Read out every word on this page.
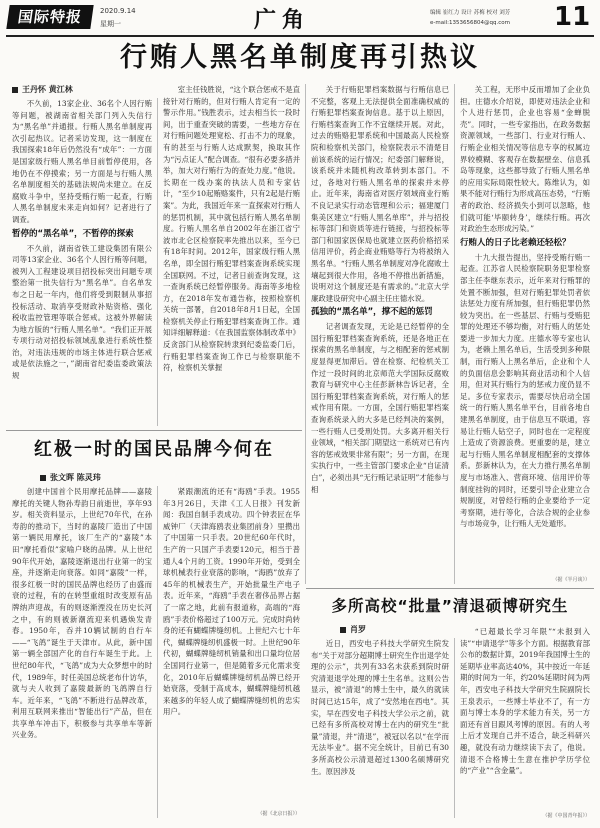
国际特报	2020.9.14
星期一	广角	编辑 崔红力 设计 苏梅 校对 刘芳
e-mail:1353656804@qq.com 11
行贿人黑名单制度再引热议
王丹怀 黄江林

不久前，13家企业、36名个人因行贿等问题，被湖南省相关部门列入失信行为“黑名单”并通报。行贿人黑名单制度再次引起热议。记者采访发现，这一制度在我国探索18年后仍然没有“成年”：一方面是国家级行贿人黑名单目前暂停使用，各地仍在不停摸索；另一方面是与行贿人黑名单制度相关的基础法规尚未建立。在反腐败斗争中，坚持受贿行贿一起查，行贿人黑名单制度未来走向如何？记者进行了调查。

暂停的“黑名单”，不暂停的探索

不久前，湖南省铁工建设集团有限公司等13家企业、36名个人因行贿等问题，被列入工程建设项目招投标突出问题专项整治第一批失信行为“黑名单”。自名单发布之日起一年内，他们将受到限制从事招投标活动、取消享受财政补贴资格、强化税收监控管理等联合惩戒。这被外界解读为地方版的“行贿人黑名单”。“我们正开展专项行动对招投标领域乱象进行系统性整治，对违法违规的市场主体进行联合惩戒或是依法施之一，”湖南省纪委监委政策法规

室主任钱胜说，“这个联合惩戒不是直接针对行贿的，但对行贿人肯定有一定的警示作用。”钱胜表示，过去相当长一段时间，出于重查突破的需要，一些地方存在对行贿问题处理宽松、打击不力的现象，有的甚至与行贿人达成默契，换取其作为“污点证人”配合调查。“很有必要多措并举，加大对行贿行为的查处力度。”他说。长期在一线办案的执法人员和专家估计，“至少10起贿赂案件，只有2起是行贿案”。为此，我国近年来一直探索对行贿人的惩罚机制，其中就包括行贿人黑名单制度。行贿人黑名单自2002年在浙江省宁波市北仑区检察院率先推出以来，至今已有18年时间。2012年，国家级行贿人黑名单，即全国行贿犯罪档案查询系统实现全国联网。不过，记者日前查询发现，这一查询系统已经暂停服务。海南等多地检方，在2018年发布通告称，按照检察机关统一部署，自2018年8月1日起，全国检察机关停止行贿犯罪档案查询工作。通知详细解释道：《在我国监察体制改革中》反贪部门从检察院转隶到纪委监委门后，行贿犯罪档案查询工作已与检察职能不符，检察机关掌握

关于行贿犯罪档案数据与行贿信息已不完整，客观上无法提供全面准确权威的行贿犯罪档案查询信息。基于以上原因，行贿档案查询工作不宜继续开展。对此，过去的贿赂犯罪系统和中国最高人民检察院和检察机关部门，检察院表示不清楚目前该系统的运行情况；纪委部门解释说，该系统并未随机构改革转到本部门。不过，各地对行贿人黑名单的探索并未停止。近年来，海南省对医疗领域商业行贿不良记录实行动态管理和公示；福建厦门集美区建立“行贿人黑名单库”，并与招投标等部门和资质等进行链接，与招投标等部门和国家医保局也就建立医药价格招采信用评价，药企商业贿赂等行为将被纳入黑名单。“行贿人黑名单制度对净化腐败土壤起到很大作用，各地不停推出新措施，说明对这个制度还是有需求的。”北京大学廉政建设研究中心副主任庄德水说。

孤独的“黑名单”，撑不起的惩罚

记者调查发现，无论是已经暂停的全国行贿犯罪档案查询系统，还是各地正在探索的黑名单制度，与之相配套的惩戒制度显得更加滞后。曾在检察、纪检机关工作过一段时间的北京师范大学国际反腐败教育与研究中心主任彭新林告诉记者，全国行贿犯罪档案查询系统，对行贿人的惩戒作用有限。一方面，全国行贿犯罪档案查询系统录入的大多是已经判决的案例，一些行贿人已受刑处罚。大多离开相关行业领域，“相关部门期望这一系统对已有内容的惩戒效果非常有限”；另一方面，在现实执行中，一些主管部门要求企业“自证清白”，必须出具“无行贿记录证明”才能参与相

关工程，无形中反而增加了企业负担。庄德水介绍说，即使对违法企业和个人进行惩罚，企业也容易“金蝉脱壳”。同时，一些专家指出，在政务数据资源领域，一些部门、行业对行贿人、行贿企业相关情况等信息专享的权属边界较模糊、客观存在数据壁垒、信息孤岛等现象，这些都导致了行贿人黑名单的应用实际局限性较大。陈维认为，如果不能对行贿行为形成高压态势，“行贿者的政治、经济损失小到可以忽略，他们就可能‘毕颐转身’，继续行贿。再次对政治生态形成污染。”

行贿人的日子比老赖还轻松？

十九大报告提出，坚持受贿行贿一起查。江苏省人民检察院职务犯罪检察部主任李继东表示，近年来对行贿罪的处置不断加强，但对行贿犯罪处罚者依法惩处力度有所加强，但行贿犯罪仍然较为突出。在一些基层、行贿与受贿犯罪的处理还不够均衡，对行贿人的惩处要进一步加大力度。庄德水等专家也认为，老赖上黑名单后，生活受到多种限制，而行贿人上黑名单后，企业和个人的负面信息会影响其商业活动和个人信用，但对其行贿行为的惩戒力度仍显不足。多位专家表示，需要尽快启动全国统一的行贿人黑名单平台，目前各地自建黑名单制度，由于信息互不联通，容易让行贿人钻空子，同时也在一定程度上造成了资源浪费。更重要的是，建立起与行贿人黑名单制度相配套的支撑体系。彭新林认为，在大力推行黑名单制度与市场准入、营商环境、信用评价等制度挂钩的同时，还要引导企业建立合规制度，对曾经行贿的企业要给予一定考察期，进行等化，合法合规的企业参与市场竞争，让行贿人无处遁形。

（据《半月谈》）
红极一时的国民品牌今何在
张文晖 陈灵玮

创建中国首个民用摩托品牌——嘉陵摩托的关键人物孙寿韵日前逝世，享年93岁。相关资料显示，上世纪70年代，在孙寿韵的推动下，当时的嘉陵厂造出了中国第一辆民用摩托，该厂生产的“嘉陵”本田“摩托看似”家喻户晓的品牌。从上世纪90年代开始，嘉陵逐渐退出行业第一的宝座，并逐渐走向衰落。如同“嘉陵”一样，很多红极一时的国民品牌也经历了由盛而衰的过程，有的在转型重组时改变原有品牌纳声迎战，有的则逐渐湮没在历史长河之中，有的则被新潮流迎来机遇焕发青春。1950年，吞并10辆试制的自行车——“飞鸽”诞生于天津市。从此，新中国第一辆全部国产化的自行车诞生于此。上世纪80年代，“飞鸽”成为大众梦想中的时代，1989年，时任美国总统老布什访华，就与夫人收到了嘉陵最新的飞鸽牌自行车。近年来，“飞鸽”不断进行品牌改革，利用互联网来推出“智能出行”产品，但在共享单车冲击下，积极参与共享单车等新兴业务。

紧跟潮流的还有“海鸥”手表。1955年3月26日，天津《工人日报》刊发新闻：我国自制手表成功。四个钟表匠在华威钟厂（天津海鸥表业集团前身）里攒出了中国第一只手表。20世纪60年代时，生产的一只国产手表要120元，相当于普通人4个月的工资。1990年开始，受到全球机械表行业衰落的影响，“海鸥”放弃了45年的机械表生产，开始批量生产电子表。近年来，“海鸥”手表在奢侈品界占据了一席之地，此前有报道称，高端的“海鸥”手表价格超过了100万元。完成时尚转身的还有蝴蝶牌缝纫机。上世纪六七十年代，蝴蝶牌缝纫机盛极一时。上世纪90年代初，蝴蝶牌缝纫机销量和出口量均位居全国同行业第一，但是随着多元化需求变化，2010年后蝴蝶牌缝纫机品牌已经开始衰落，受制于高成本，蝴蝶牌缝纫机越来越多的年轻人成了蝴蝶牌缝纫机的忠实用户。

（据《北京日报》）
多所高校“批量”清退硕博研究生
肖罗

近日，西安电子科技大学研究生院发布“关于对部分超期博士研究生作出退学处理的公示”，共列有33名未获系到院时研究清退退学处理的博士生名单。这则公告显示，被“清退”的博士生中，最久的就读时间已达15年，成了“安然地在西电”。其实，早在西安电子科技大学公示之前，就已经有多所高校对博士在内的研究生“批量”清退，并“清退”，被冠以名以“在学而无法毕业”。据不完全统计，目前已有30多所高校公示清退超过1300名硕博研究生。原因涉及

“已超最长学习年限”“未报到入读”“申请退学”等多个方面。根据教育部公布的数据计算，2019年我国博士生的延期毕业率高达40%，其中按近一年延期的时间为一年，约20%延期时间为两年，西安电子科技大学研究生院副院长王泉表示，一些博士毕业不了，有一方面与博士本身的学术能力有关，另一方面还有首目跟风考博的原因。有的人考上后才发现自己并不适合，缺乏科研兴趣，就没有动力继续读下去了，他说。清退不合格博士生意在推护学历学位的“产业”“含金量”。

（据《中国青年报》）
